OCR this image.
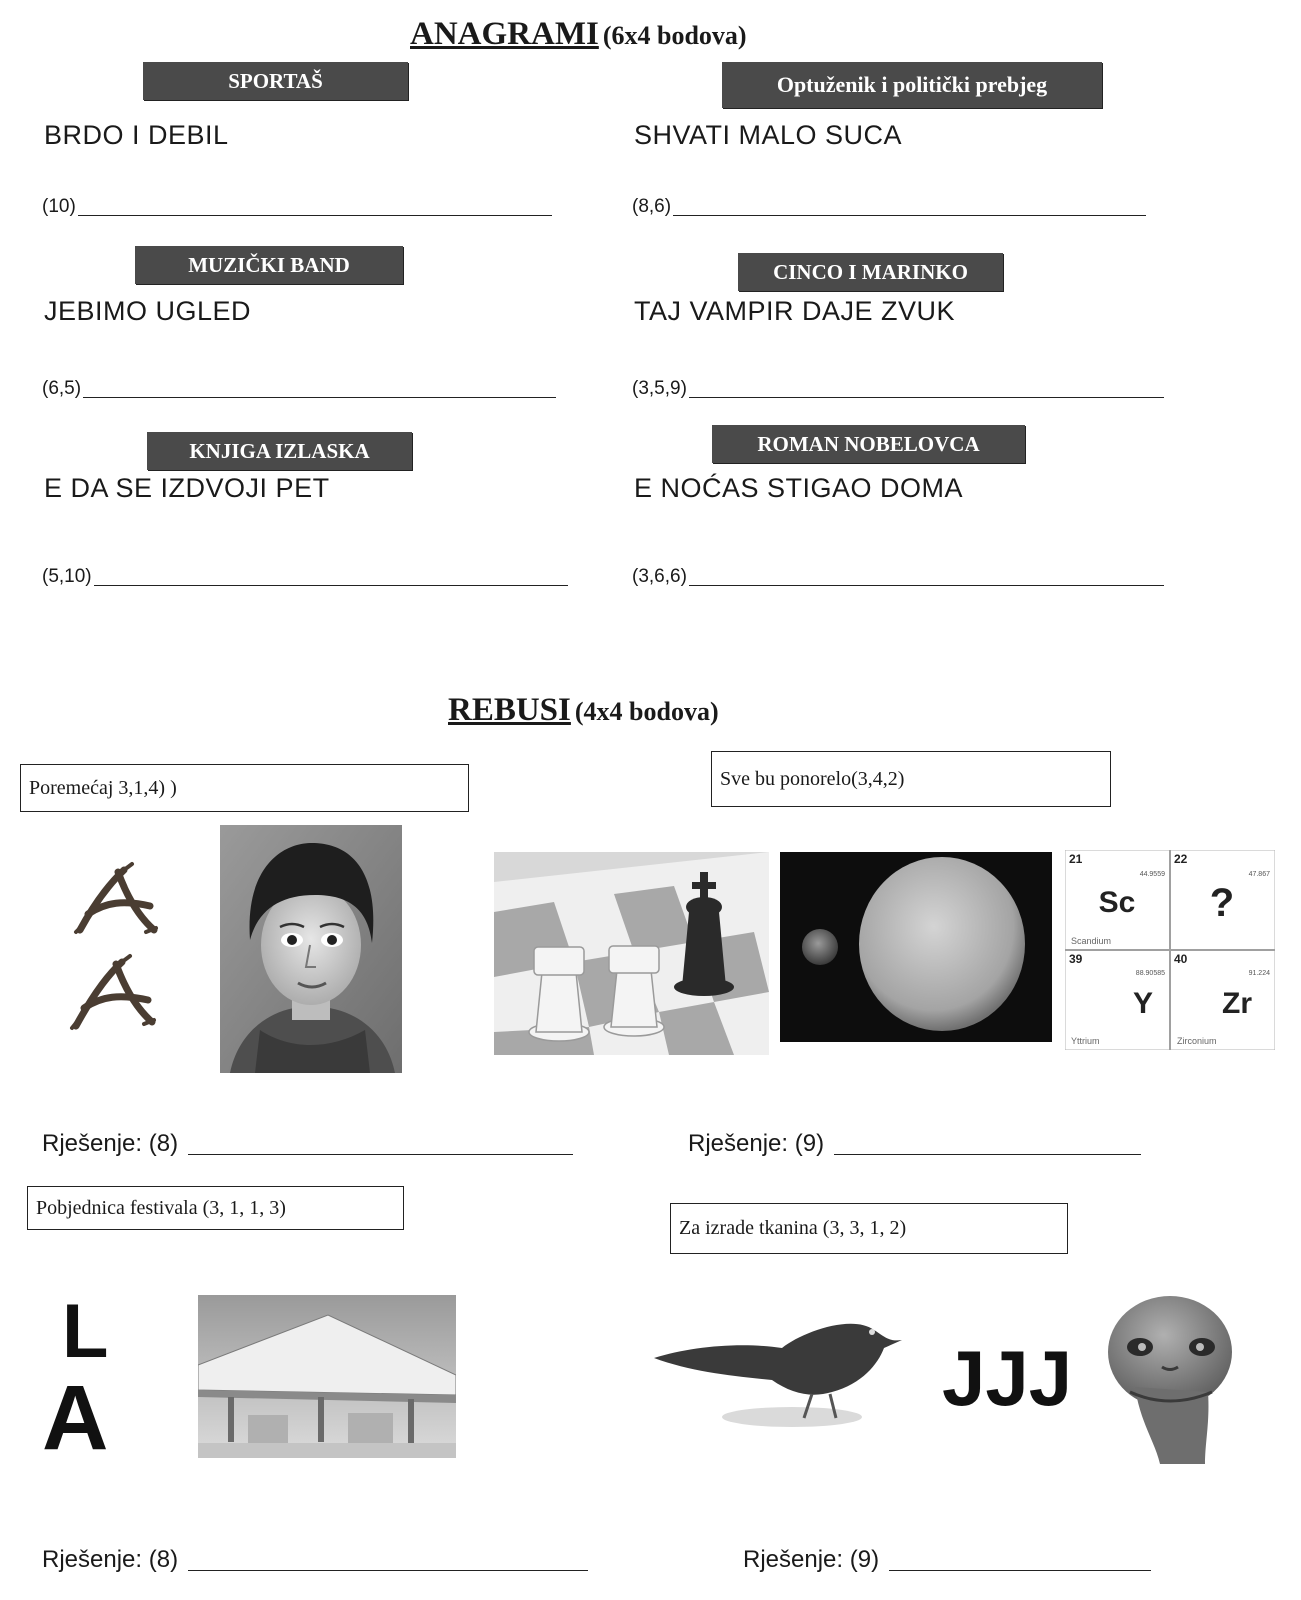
ANAGRAMI (6x4 bodova)
SPORTAŠ
BRDO I DEBIL
(10)
MUZIČKI BAND
JEBIMO UGLED
(6,5)
KNJIGA IZLASKA
E DA SE IZDVOJI PET
(5,10)
Optuženik i politički prebjeg
SHVATI MALO SUCA
(8,6)
CINCO I MARINKO
TAJ VAMPIR DAJE ZVUK
(3,5,9)
ROMAN NOBELOVCA
E NOĆAS STIGAO DOMA
(3,6,6)
REBUSI (4x4 bodova)
Poremećaj 3,1,4) )
Rješenje: (8)
Sve bu ponorelo(3,4,2)
21
44.9559
Sc
Scandium
22
47.867
?
39
88.90585
Y
Yttrium
40
91.224
Zr
Zirconium
Rješenje: (9)
Pobjednica festivala (3, 1, 1, 3)
L
A
Rješenje: (8)
Za izrade tkanina (3, 3, 1, 2)
JJJ
Rješenje: (9)
